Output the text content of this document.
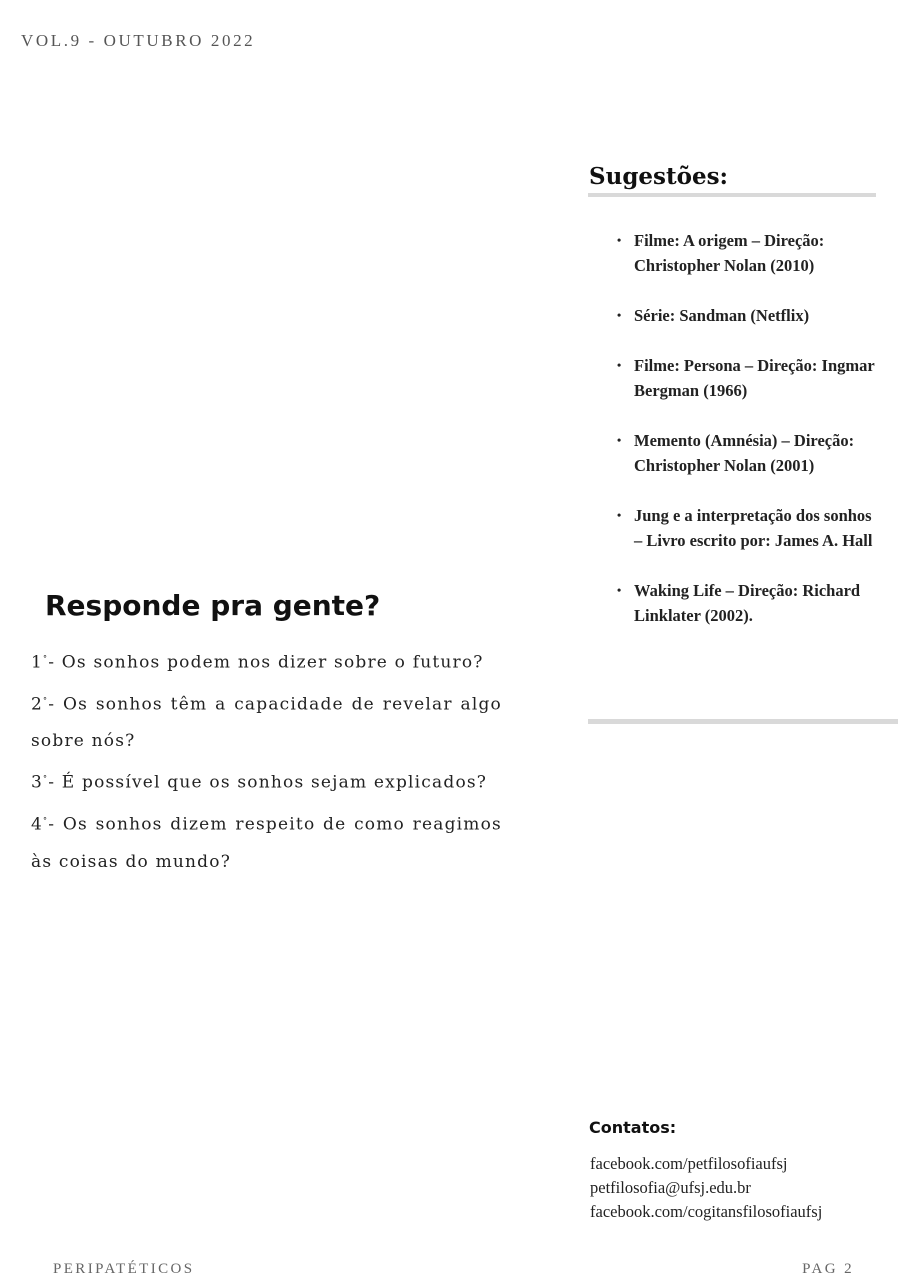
VOL.9 - OUTUBRO 2022
Sugestões:
• Filme: A origem – Direção: Christopher Nolan (2010)
• Série: Sandman (Netflix)
• Filme: Persona – Direção: Ingmar Bergman (1966)
• Memento (Amnésia) – Direção: Christopher Nolan (2001)
• Jung e a interpretação dos sonhos – Livro escrito por: James A. Hall
• Waking Life – Direção: Richard Linklater (2002).
Responde pra gente?
1°- Os sonhos podem nos dizer sobre o futuro?
2°- Os sonhos têm a capacidade de revelar algo sobre nós?
3°- É possível que os sonhos sejam explicados?
4°- Os sonhos dizem respeito de como reagimos às coisas do mundo?
Contatos:
facebook.com/petfilosofiaufsj
petfilosofia@ufsj.edu.br
facebook.com/cogitansfilosofiaufsj
PERIPATÉTICOS	PAG 2
